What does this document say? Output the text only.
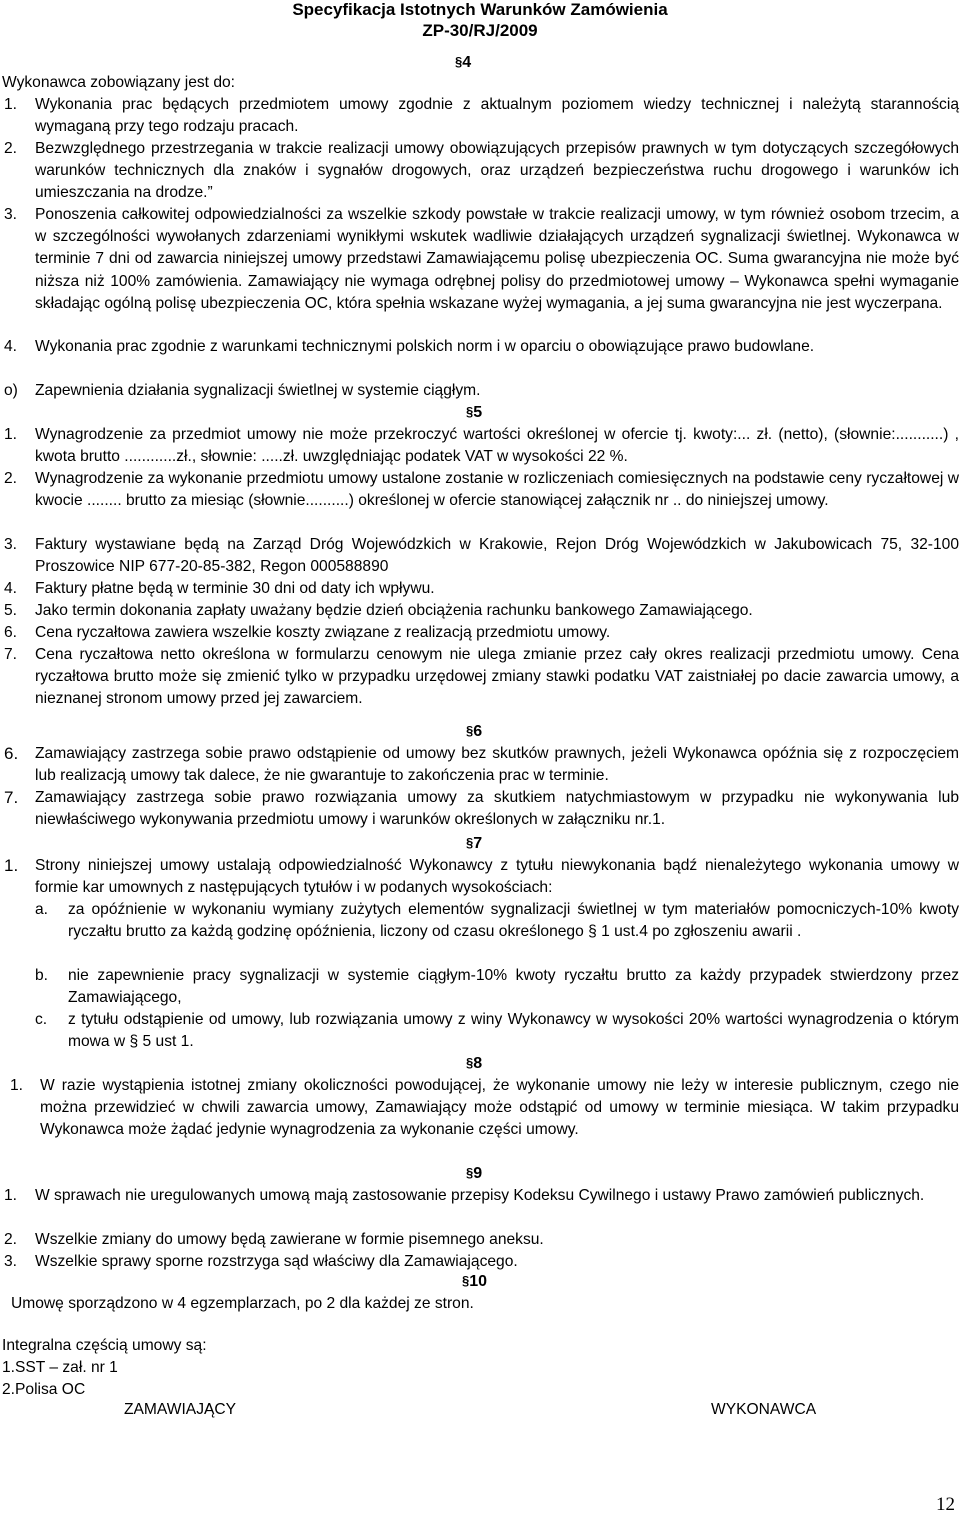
Specyfikacja Istotnych Warunków Zamówienia
ZP-30/RJ/2009
§4
Wykonawca zobowiązany jest do:
1. Wykonania prac będących przedmiotem umowy zgodnie z aktualnym poziomem wiedzy technicznej i należytą starannością wymaganą przy tego rodzaju pracach.
2. Bezwzględnego przestrzegania w trakcie realizacji umowy obowiązujących przepisów prawnych w tym dotyczących szczegółowych warunków technicznych dla znaków i sygnałów drogowych, oraz urządzeń bezpieczeństwa ruchu drogowego i warunków ich umieszczania na drodze.”
3. Ponoszenia całkowitej odpowiedzialności za wszelkie szkody powstałe w trakcie realizacji umowy, w tym również osobom trzecim, a w szczególności wywołanych zdarzeniami wynikłymi wskutek wadliwie działających urządzeń sygnalizacji świetlnej. Wykonawca w terminie 7 dni od zawarcia niniejszej umowy przedstawi Zamawiającemu polisę ubezpieczenia OC. Suma gwarancyjna nie może być niższa niż 100% zamówienia. Zamawiający nie wymaga odrębnej polisy do przedmiotowej umowy – Wykonawca spełni wymaganie składając ogólną polisę ubezpieczenia OC, która spełnia wskazane wyżej wymagania, a jej suma gwarancyjna nie jest wyczerpana.
4. Wykonania prac zgodnie z warunkami technicznymi polskich norm i w oparciu o obowiązujące prawo budowlane.
o) Zapewnienia działania sygnalizacji świetlnej w systemie ciągłym.
§5
1. Wynagrodzenie za przedmiot umowy nie może przekroczyć wartości określonej w ofercie tj. kwoty:... zł. (netto), (słownie:...........) , kwota brutto ............zł., słownie: .....zł. uwzględniając podatek VAT w wysokości 22 %.
2. Wynagrodzenie za wykonanie przedmiotu umowy ustalone zostanie w rozliczeniach comiesięcznych na podstawie ceny ryczałtowej w kwocie ........ brutto za miesiąc (słownie..........) określonej w ofercie stanowiącej załącznik nr .. do niniejszej umowy.
3. Faktury wystawiane będą na Zarząd Dróg Wojewódzkich w Krakowie, Rejon Dróg Wojewódzkich w Jakubowicach 75, 32-100 Proszowice NIP 677-20-85-382, Regon 000588890
4. Faktury płatne będą w terminie 30 dni od daty ich wpływu.
5. Jako termin dokonania zapłaty uważany będzie dzień obciążenia rachunku bankowego Zamawiającego.
6. Cena ryczałtowa zawiera wszelkie koszty związane z realizacją przedmiotu umowy.
7. Cena ryczałtowa netto określona w formularzu cenowym nie ulega zmianie przez cały okres realizacji przedmiotu umowy. Cena ryczałtowa brutto może się zmienić tylko w przypadku urzędowej zmiany stawki podatku VAT zaistniałej po dacie zawarcia umowy, a nieznanej stronom umowy przed jej zawarciem.
§6
6. Zamawiający zastrzega sobie prawo odstąpienie od umowy bez skutków prawnych, jeżeli Wykonawca opóźnia się z rozpoczęciem lub realizacją umowy tak dalece, że nie gwarantuje to zakończenia prac w terminie.
7. Zamawiający zastrzega sobie prawo rozwiązania umowy za skutkiem natychmiastowym w przypadku nie wykonywania lub niewłaściwego wykonywania przedmiotu umowy i warunków określonych w załączniku nr.1.
§7
1. Strony niniejszej umowy ustalają odpowiedzialność Wykonawcy z tytułu niewykonania bądź nienależytego wykonania umowy w formie kar umownych z następujących tytułów i w podanych wysokościach:
a. za opóźnienie w wykonaniu wymiany zużytych elementów sygnalizacji świetlnej w tym materiałów pomocniczych-10% kwoty ryczałtu brutto za każdą godzinę opóźnienia, liczony od czasu określonego § 1 ust.4 po zgłoszeniu awarii .
b. nie zapewnienie pracy sygnalizacji w systemie ciągłym-10% kwoty ryczałtu brutto za każdy przypadek stwierdzony przez Zamawiającego,
c. z tytułu odstąpienie od umowy, lub rozwiązania umowy z winy Wykonawcy w wysokości 20% wartości wynagrodzenia o którym mowa w § 5 ust 1.
§8
1. W razie wystąpienia istotnej zmiany okoliczności powodującej, że wykonanie umowy nie leży w interesie publicznym, czego nie można przewidzieć w chwili zawarcia umowy, Zamawiający może odstąpić od umowy w terminie miesiąca. W takim przypadku Wykonawca może żądać jedynie wynagrodzenia za wykonanie części umowy.
§9
1. W sprawach nie uregulowanych umową mają zastosowanie przepisy Kodeksu Cywilnego i ustawy Prawo zamówień publicznych.
2. Wszelkie zmiany do umowy będą zawierane w formie pisemnego aneksu.
3. Wszelkie sprawy sporne rozstrzyga sąd właściwy dla Zamawiającego.
§10
Umowę sporządzono w 4 egzemplarzach, po 2 dla każdej ze stron.
Integralna częścią umowy są:
1.SST – zał. nr 1
2.Polisa OC
ZAMAWIAJĄCY	WYKONAWCA
12
